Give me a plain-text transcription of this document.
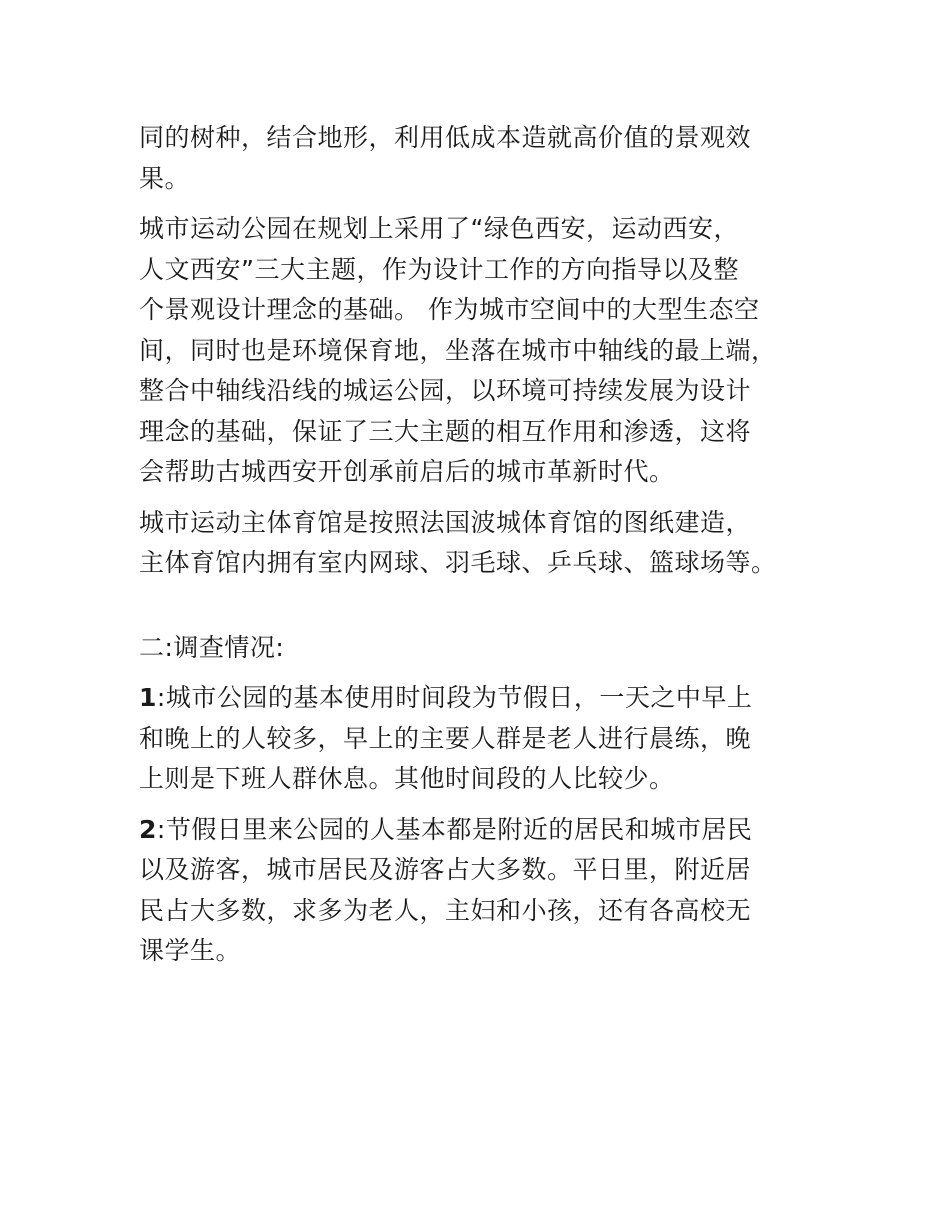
同的树种，结合地形，利用低成本造就高价值的景观效
果。

城市运动公园在规划上采用了“绿色西安，运动西安，
人文西安”三大主题，作为设计工作的方向指导以及整
个景观设计理念的基础。 作为城市空间中的大型生态空
间，同时也是环境保育地，坐落在城市中轴线的最上端，
整合中轴线沿线的城运公园，以环境可持续发展为设计
理念的基础，保证了三大主题的相互作用和渗透，这将
会帮助古城西安开创承前启后的城市革新时代。

城市运动主体育馆是按照法国波城体育馆的图纸建造，
主体育馆内拥有室内网球、羽毛球、乒乓球、篮球场等。

二:调查情况:

1:城市公园的基本使用时间段为节假日，一天之中早上
和晚上的人较多，早上的主要人群是老人进行晨练，晚
上则是下班人群休息。其他时间段的人比较少。

2:节假日里来公园的人基本都是附近的居民和城市居民
以及游客，城市居民及游客占大多数。平日里，附近居
民占大多数，求多为老人，主妇和小孩，还有各高校无
课学生。
